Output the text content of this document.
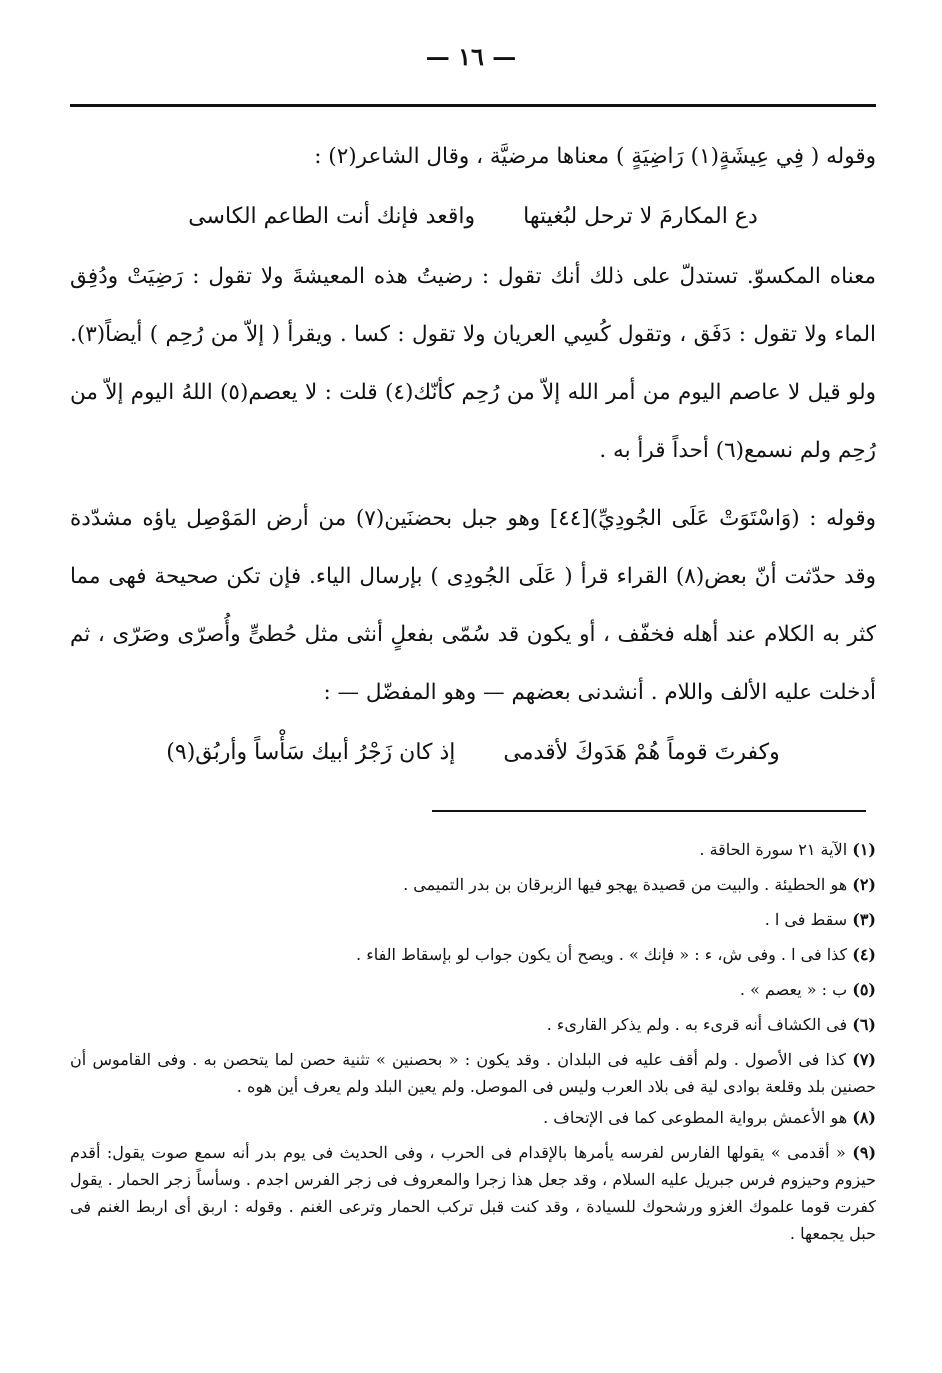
— ١٦ —

وقوله ( فِي عِيشَةٍ(١) رَاضِيَةٍ ) معناها مرضيَّة ، وقال الشاعر(٢) :

دع المكارمَ لا ترحل لبُغيتها
واقعد فإنك أنت الطاعم الكاسى

معناه المكسوّ. تستدلّ على ذلك أنك تقول : رضيتُ هذه المعيشةَ ولا تقول : رَضِيَتْ ودُفِق الماء ولا تقول : دَفَق ، وتقول كُسِي العريان ولا تقول : كسا . ويقرأ ( إلاّ من رُحِم ) أيضاً(٣). ولو قيل لا عاصم اليوم من أمر الله إلاّ من رُحِم كأنّك(٤) قلت : لا يعصم(٥) اللهُ اليوم إلاّ من رُحِم ولم نسمع(٦) أحداً قرأ به .

وقوله : (وَاسْتَوَتْ عَلَى الجُودِيِّ)[٤٤] وهو جبل بحضنَين(٧) من أرض المَوْصِل ياؤه مشدّدة وقد حدّثت أنّ بعض(٨) القراء قرأ ( عَلَى الجُودِى ) بإرسال الياء. فإن تكن صحيحة فهى مما كثر به الكلام عند أهله فخفّف ، أو يكون قد سُمّى بفعلٍ أنثى مثل حُطىٍّ وأُصرّى وصَرّى ، ثم أدخلت عليه الألف واللام . أنشدنى بعضهم — وهو المفضّل — :

وكفرتَ قوماً هُمْ هَدَوكَ لأقدمى
إذ كان زَجْرُ أبيك سَأْساً وأربُق(٩)

(١) الآية ٢١ سورة الحاقة .

(٢) هو الحطيئة . والبيت من قصيدة يهجو فيها الزبرقان بن بدر التميمى .

(٣) سقط فى ا .

(٤) كذا فى ا . وفى ش، ء : « فإنك » . ويصح أن يكون جواب لو بإسقاط الفاء .

(٥) ب : « يعصم » .

(٦) فى الكشاف أنه قرىء به . ولم يذكر القارىء .

(٧) كذا فى الأصول . ولم أقف عليه فى البلدان . وقد يكون : « بحصنين » تثنية حصن لما يتحصن به . وفى القاموس أن حصنين بلد وقلعة بوادى لية فى بلاد العرب وليس فى الموصل. ولم يعين البلد ولم يعرف أين هوه .

(٨) هو الأعمش برواية المطوعى كما فى الإتحاف .

(٩) « أقدمى » يقولها الفارس لفرسه يأمرها بالإقدام فى الحرب ، وفى الحديث فى يوم بدر أنه سمع صوت يقول: أقدم حيزوم وحيزوم فرس جبريل عليه السلام ، وقد جعل هذا زجرا والمعروف فى زجر الفرس اجدم . وسأساً زجر الحمار . يقول كفرت قوما علموك الغزو ورشحوك للسيادة ، وقد كنت قبل تركب الحمار وترعى الغنم . وقوله : اربق أى اربط الغنم فى حبل يجمعها .
